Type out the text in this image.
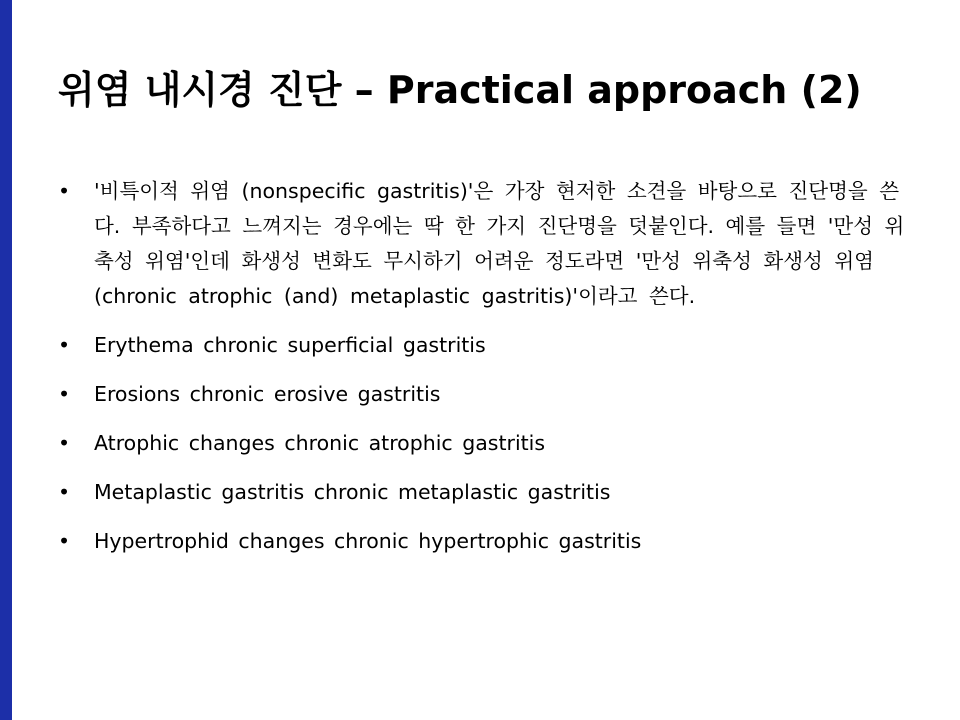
위염 내시경 진단 – Practical approach (2)
• '비특이적 위염 (nonspecific gastritis)'은 가장 현저한 소견을 바탕으로 진단명을 쓴다. 부족하다고 느껴지는 경우에는 딱 한 가지 진단명을 덧붙인다. 예를 들면 '만성 위축성 위염'인데 화생성 변화도 무시하기 어려운 정도라면 '만성 위축성 화생성 위염 (chronic atrophic (and) metaplastic gastritis)'이라고 쓴다.
• Erythema chronic superficial gastritis
• Erosions chronic erosive gastritis
• Atrophic changes chronic atrophic gastritis
• Metaplastic gastritis chronic metaplastic gastritis
• Hypertrophid changes chronic hypertrophic gastritis
